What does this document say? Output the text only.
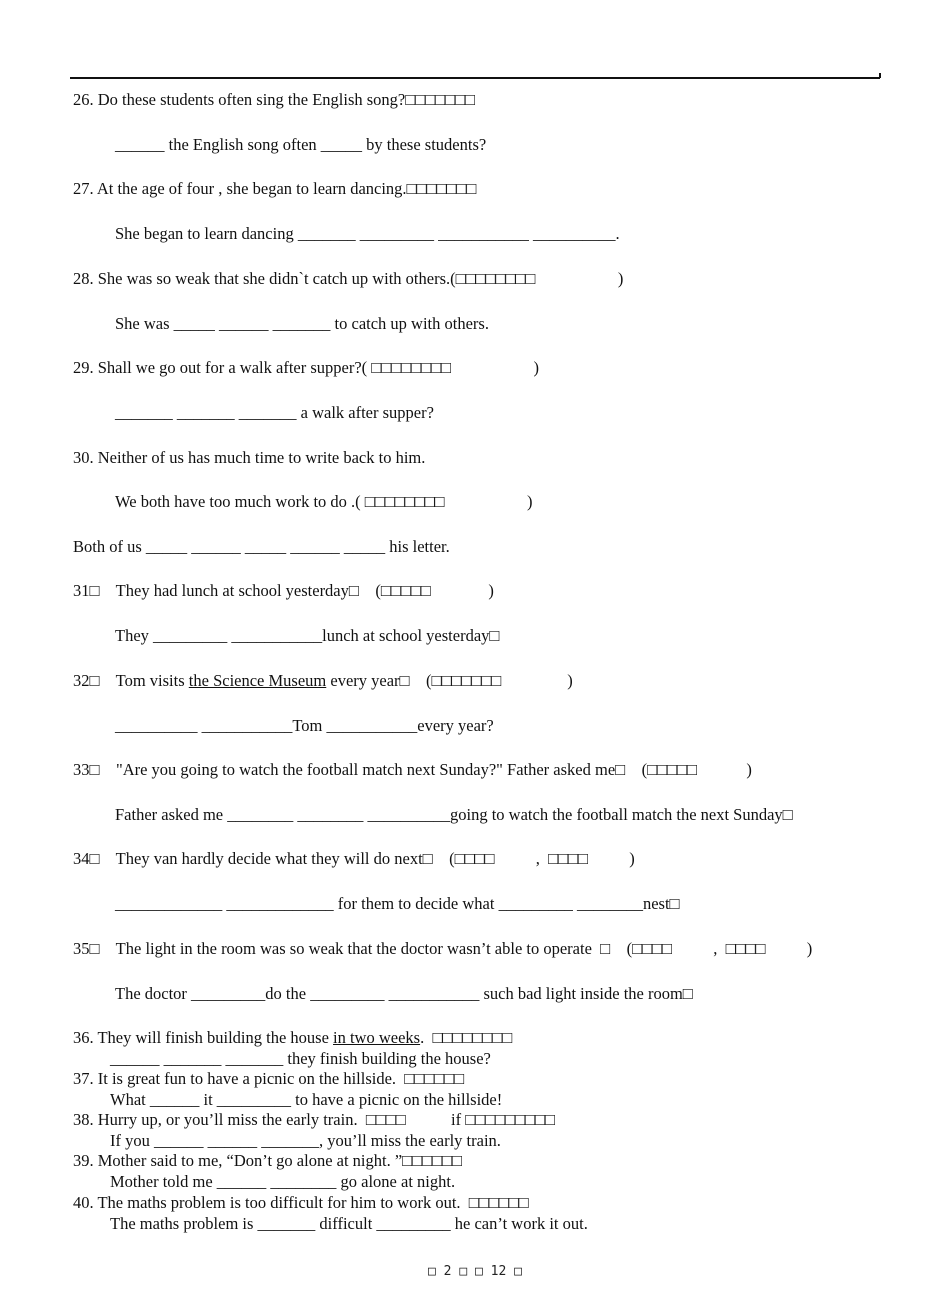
26. Do these students often sing the English song?□□□□□□□
______ the English song often _____ by these students?
27. At the age of four , she began to learn dancing.□□□□□□□
She began to learn dancing _______ _________ ___________ __________.
28. She was so weak that she didn`t catch up with others.(□□□□□□□□                    )
She was _____ ______ _______ to catch up with others.
29. Shall we go out for a walk after supper?( □□□□□□□□                    )
_______ _______ _______ a walk after supper?
30. Neither of us has much time to write back to him.
We both have too much work to do .( □□□□□□□□                    )
Both of us _____ ______ _____ ______ _____ his letter.
31□    They had lunch at school yesterday□    (□□□□□              )
They _________ ___________lunch at school yesterday□
32□    Tom visits the Science Museum every year□    (□□□□□□□                )
__________ ___________Tom ___________every year?
33□    "Are you going to watch the football match next Sunday?" Father asked me□    (□□□□□            )
Father asked me ________ ________ __________going to watch the football match the next Sunday□
34□    They van hardly decide what they will do next□    (□□□□          ,  □□□□          )
_____________ _____________ for them to decide what _________ ________nest□
35□    The light in the room was so weak that the doctor wasn’t able to operate  □    (□□□□          ,  □□□□          )
The doctor _________do the _________ ___________ such bad light inside the room□
36. They will finish building the house in two weeks.  □□□□□□□□
______ _______ _______ they finish building the house?
37. It is great fun to have a picnic on the hillside.  □□□□□□
What ______ it _________ to have a picnic on the hillside!
38. Hurry up, or you’ll miss the early train.  □□□□           if □□□□□□□□□
If you ______ ______ _______, you’ll miss the early train.
39. Mother said to me, “Don’t go alone at night. ”□□□□□□
Mother told me ______ ________ go alone at night.
40. The maths problem is too difficult for him to work out.  □□□□□□
The maths problem is _______ difficult _________ he can’t work it out.
□ 2 □ □ 12 □
